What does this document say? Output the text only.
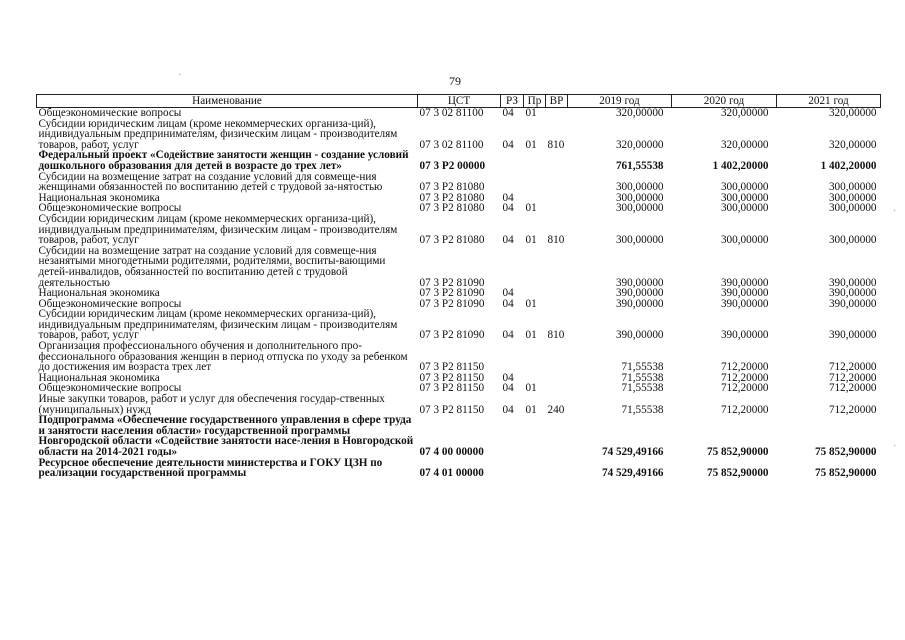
79
·
·
·
Наименование	ЦСТ	РЗ	Пр	ВР	2019 год	2020 год	2021 год
Общеэкономические вопросы	07 3 02 81100	04	01		320,00000	320,00000	320,00000
Субсидии юридическим лицам (кроме некоммерческих организа-ций), индивидуальным предпринимателям, физическим лицам - производителям товаров, работ, услуг	07 3 02 81100	04	01	810	320,00000	320,00000	320,00000
Федеральный проект «Содействие занятости женщин - создание условий дошкольного образования для детей в возрасте до трех лет»	07 3 P2 00000				761,55538	1 402,20000	1 402,20000
Субсидии на возмещение затрат на создание условий для совмеще-ния женщинами обязанностей по воспитанию детей с трудовой за-нятостью	07 3 P2 81080				300,00000	300,00000	300,00000
Национальная экономика	07 3 P2 81080	04			300,00000	300,00000	300,00000
Общеэкономические вопросы	07 3 P2 81080	04	01		300,00000	300,00000	300,00000
Субсидии юридическим лицам (кроме некоммерческих организа-ций), индивидуальным предпринимателям, физическим лицам - производителям товаров, работ, услуг	07 3 P2 81080	04	01	810	300,00000	300,00000	300,00000
Субсидии на возмещение затрат на создание условий для совмеще-ния незанятыми многодетными родителями, родителями, воспиты-вающими детей-инвалидов, обязанностей по воспитанию детей с трудовой деятельностью	07 3 P2 81090				390,00000	390,00000	390,00000
Национальная экономика	07 3 P2 81090	04			390,00000	390,00000	390,00000
Общеэкономические вопросы	07 3 P2 81090	04	01		390,00000	390,00000	390,00000
Субсидии юридическим лицам (кроме некоммерческих организа-ций), индивидуальным предпринимателям, физическим лицам - производителям товаров, работ, услуг	07 3 P2 81090	04	01	810	390,00000	390,00000	390,00000
Организация профессионального обучения и дополнительного про-фессионального образования женщин в период отпуска по уходу за ребенком до достижения им возраста трех лет	07 3 P2 81150				71,55538	712,20000	712,20000
Национальная экономика	07 3 P2 81150	04			71,55538	712,20000	712,20000
Общеэкономические вопросы	07 3 P2 81150	04	01		71,55538	712,20000	712,20000
Иные закупки товаров, работ и услуг для обеспечения государ-ственных (муниципальных) нужд	07 3 P2 81150	04	01	240	71,55538	712,20000	712,20000
Подпрограмма «Обеспечение государственного управления в сфере труда и занятости населения области» государственной программы Новгородской области «Содействие занятости насе-ления в Новгородской области на 2014-2021 годы»	07 4 00 00000				74 529,49166	75 852,90000	75 852,90000
Ресурсное обеспечение деятельности министерства и ГОКУ ЦЗН по реализации государственной программы	07 4 01 00000				74 529,49166	75 852,90000	75 852,90000
